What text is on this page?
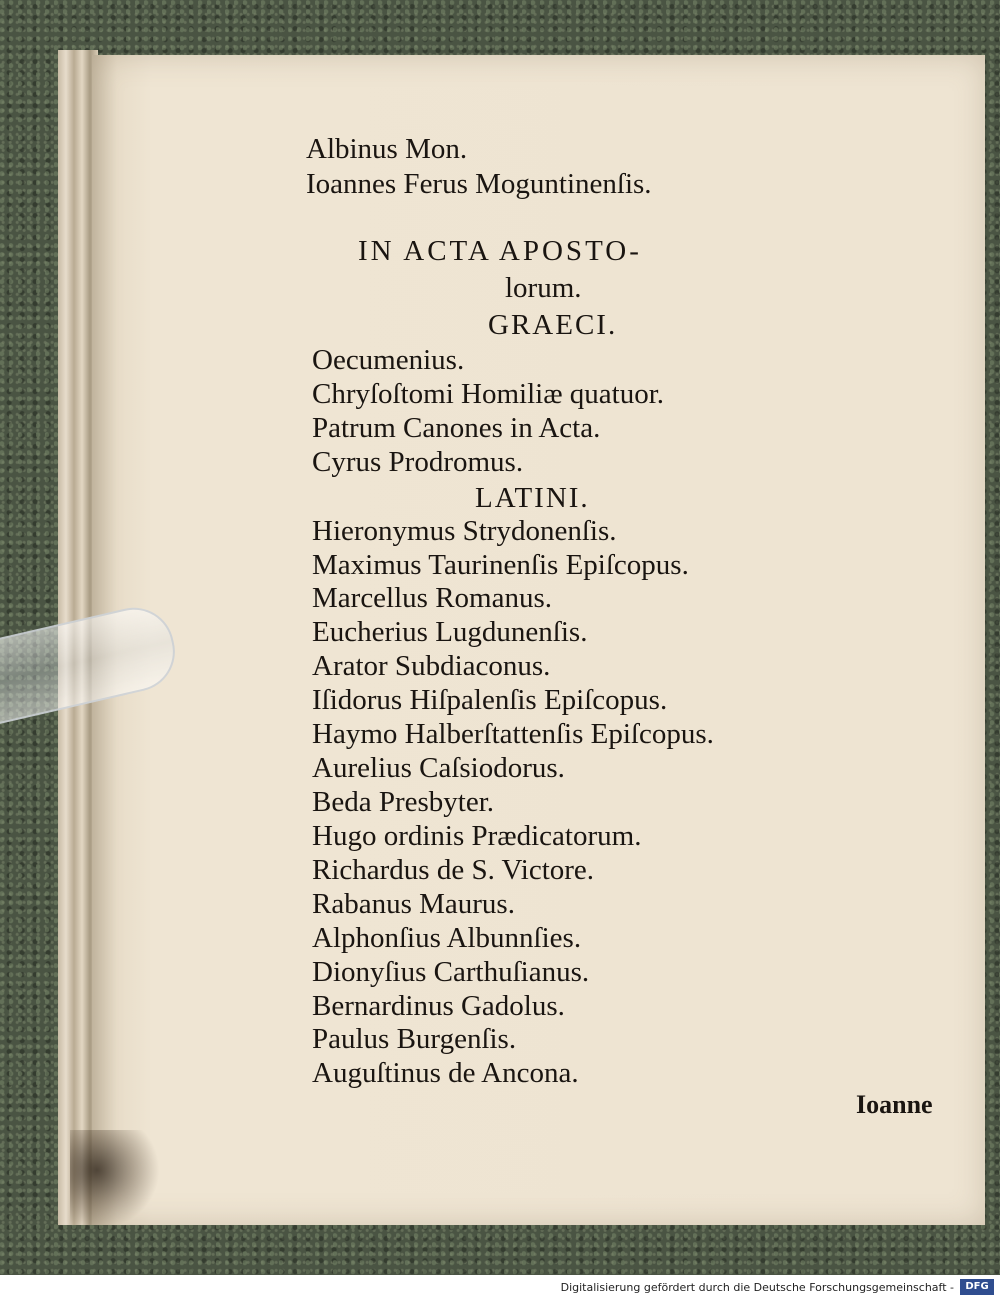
Albinus Mon.
Ioannes Ferus Moguntinenſis.
IN ACTA APOSTO-
lorum.
GRAECI.
Oecumenius.
Chryſoſtomi Homiliæ quatuor.
Patrum Canones in Acta.
Cyrus Prodromus.
LATINI.
Hieronymus Strydonenſis.
Maximus Taurinenſis Epiſcopus.
Marcellus Romanus.
Eucherius Lugdunenſis.
Arator Subdiaconus.
Iſidorus Hiſpalenſis Epiſcopus.
Haymo Halberſtattenſis Epiſcopus.
Aurelius Caſsiodorus.
Beda Presbyter.
Hugo ordinis Prædicatorum.
Richardus de S. Victore.
Rabanus Maurus.
Alphonſius Albunnſies.
Dionyſius Carthuſianus.
Bernardinus Gadolus.
Paulus Burgenſis.
Auguſtinus de Ancona.
Ioanne
Digitalisierung gefördert durch die Deutsche Forschungsgemeinschaft -	DFG
